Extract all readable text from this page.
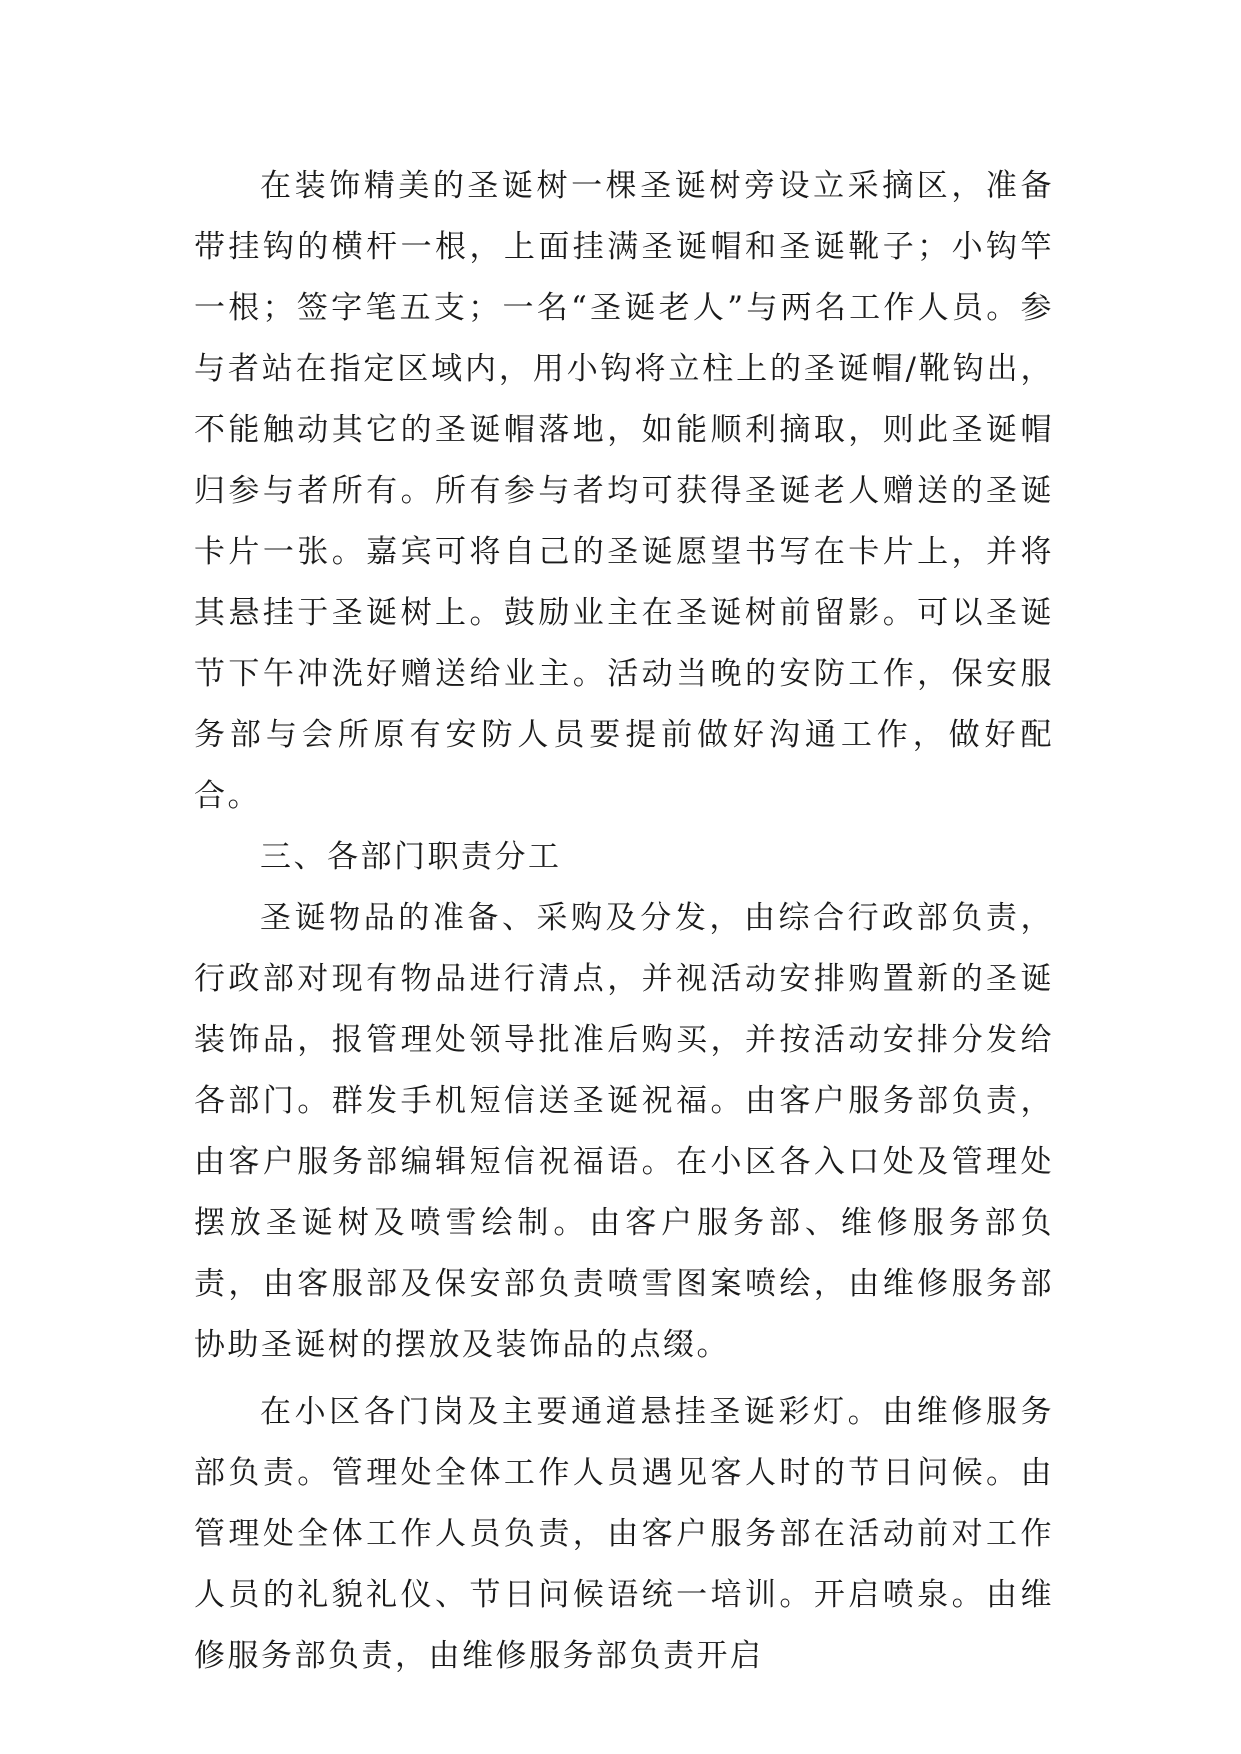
在装饰精美的圣诞树一棵圣诞树旁设立采摘区，准备带挂钩的横杆一根，上面挂满圣诞帽和圣诞靴子；小钩竿一根；签字笔五支；一名“圣诞老人”与两名工作人员。参与者站在指定区域内，用小钩将立柱上的圣诞帽/靴钩出，不能触动其它的圣诞帽落地，如能顺利摘取，则此圣诞帽归参与者所有。所有参与者均可获得圣诞老人赠送的圣诞卡片一张。嘉宾可将自己的圣诞愿望书写在卡片上，并将其悬挂于圣诞树上。鼓励业主在圣诞树前留影。可以圣诞节下午冲洗好赠送给业主。活动当晚的安防工作，保安服务部与会所原有安防人员要提前做好沟通工作，做好配合。

三、各部门职责分工

圣诞物品的准备、采购及分发，由综合行政部负责，行政部对现有物品进行清点，并视活动安排购置新的圣诞装饰品，报管理处领导批准后购买，并按活动安排分发给各部门。群发手机短信送圣诞祝福。由客户服务部负责，由客户服务部编辑短信祝福语。在小区各入口处及管理处摆放圣诞树及喷雪绘制。由客户服务部、维修服务部负责，由客服部及保安部负责喷雪图案喷绘，由维修服务部协助圣诞树的摆放及装饰品的点缀。

在小区各门岗及主要通道悬挂圣诞彩灯。由维修服务部负责。管理处全体工作人员遇见客人时的节日问候。由管理处全体工作人员负责，由客户服务部在活动前对工作人员的礼貌礼仪、节日问候语统一培训。开启喷泉。由维修服务部负责，由维修服务部负责开启
